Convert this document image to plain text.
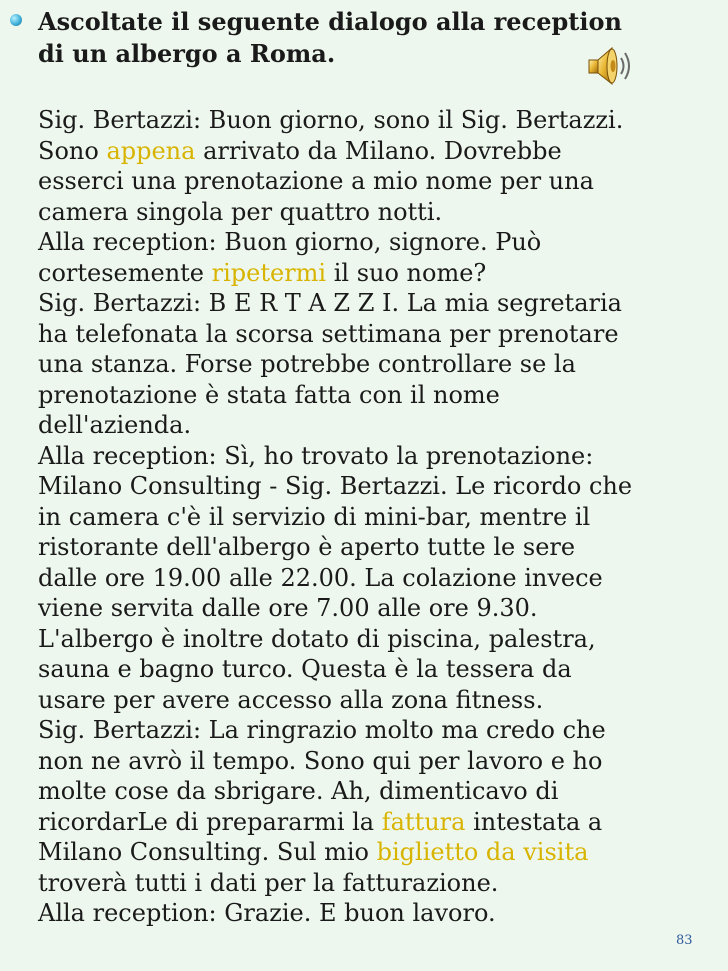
Ascoltate il seguente dialogo alla reception
di un albergo a Roma.

Sig. Bertazzi: Buon giorno, sono il Sig. Bertazzi.
Sono appena arrivato da Milano. Dovrebbe
esserci una prenotazione a mio nome per una
camera singola per quattro notti.
Alla reception: Buon giorno, signore. Può
cortesemente ripetermi il suo nome?
Sig. Bertazzi: B E R T A Z Z I. La mia segretaria
ha telefonata la scorsa settimana per prenotare
una stanza. Forse potrebbe controllare se la
prenotazione è stata fatta con il nome
dell'azienda.
Alla reception: Sì, ho trovato la prenotazione:
Milano Consulting - Sig. Bertazzi. Le ricordo che
in camera c'è il servizio di mini-bar, mentre il
ristorante dell'albergo è aperto tutte le sere
dalle ore 19.00 alle 22.00. La colazione invece
viene servita dalle ore 7.00 alle ore 9.30.
L'albergo è inoltre dotato di piscina, palestra,
sauna e bagno turco. Questa è la tessera da
usare per avere accesso alla zona fitness.
Sig. Bertazzi: La ringrazio molto ma credo che
non ne avrò il tempo. Sono qui per lavoro e ho
molte cose da sbrigare. Ah, dimenticavo di
ricordarLe di prepararmi la fattura intestata a
Milano Consulting. Sul mio biglietto da visita
troverà tutti i dati per la fatturazione.
Alla reception: Grazie. E buon lavoro.

83
